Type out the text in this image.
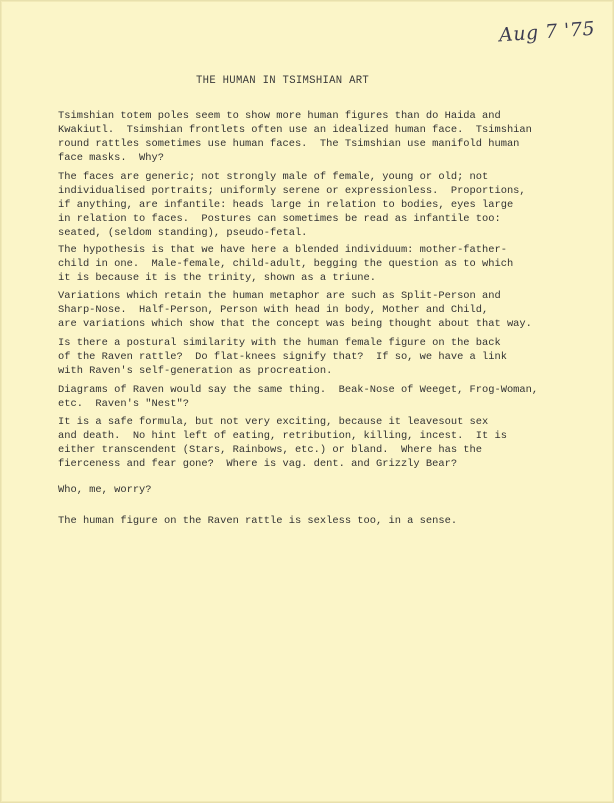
Aug 7 '75
THE HUMAN IN TSIMSHIAN ART
Tsimshian totem poles seem to show more human figures than do Haida and
Kwakiutl.  Tsimshian frontlets often use an idealized human face.  Tsimshian
round rattles sometimes use human faces.  The Tsimshian use manifold human
face masks.  Why?
The faces are generic; not strongly male of female, young or old; not
individualised portraits; uniformly serene or expressionless.  Proportions,
if anything, are infantile: heads large in relation to bodies, eyes large
in relation to faces.  Postures can sometimes be read as infantile too:
seated, (seldom standing), pseudo-fetal.
The hypothesis is that we have here a blended individuum: mother-father-
child in one.  Male-female, child-adult, begging the question as to which
it is because it is the trinity, shown as a triune.
Variations which retain the human metaphor are such as Split-Person and
Sharp-Nose.  Half-Person, Person with head in body, Mother and Child,
are variations which show that the concept was being thought about that way.
Is there a postural similarity with the human female figure on the back
of the Raven rattle?  Do flat-knees signify that?  If so, we have a link
with Raven's self-generation as procreation.
Diagrams of Raven would say the same thing.  Beak-Nose of Weeget, Frog-Woman,
etc.  Raven's "Nest"?
It is a safe formula, but not very exciting, because it leavesout sex
and death.  No hint left of eating, retribution, killing, incest.  It is
either transcendent (Stars, Rainbows, etc.) or bland.  Where has the
fierceness and fear gone?  Where is vag. dent. and Grizzly Bear?
Who, me, worry?
The human figure on the Raven rattle is sexless too, in a sense.
